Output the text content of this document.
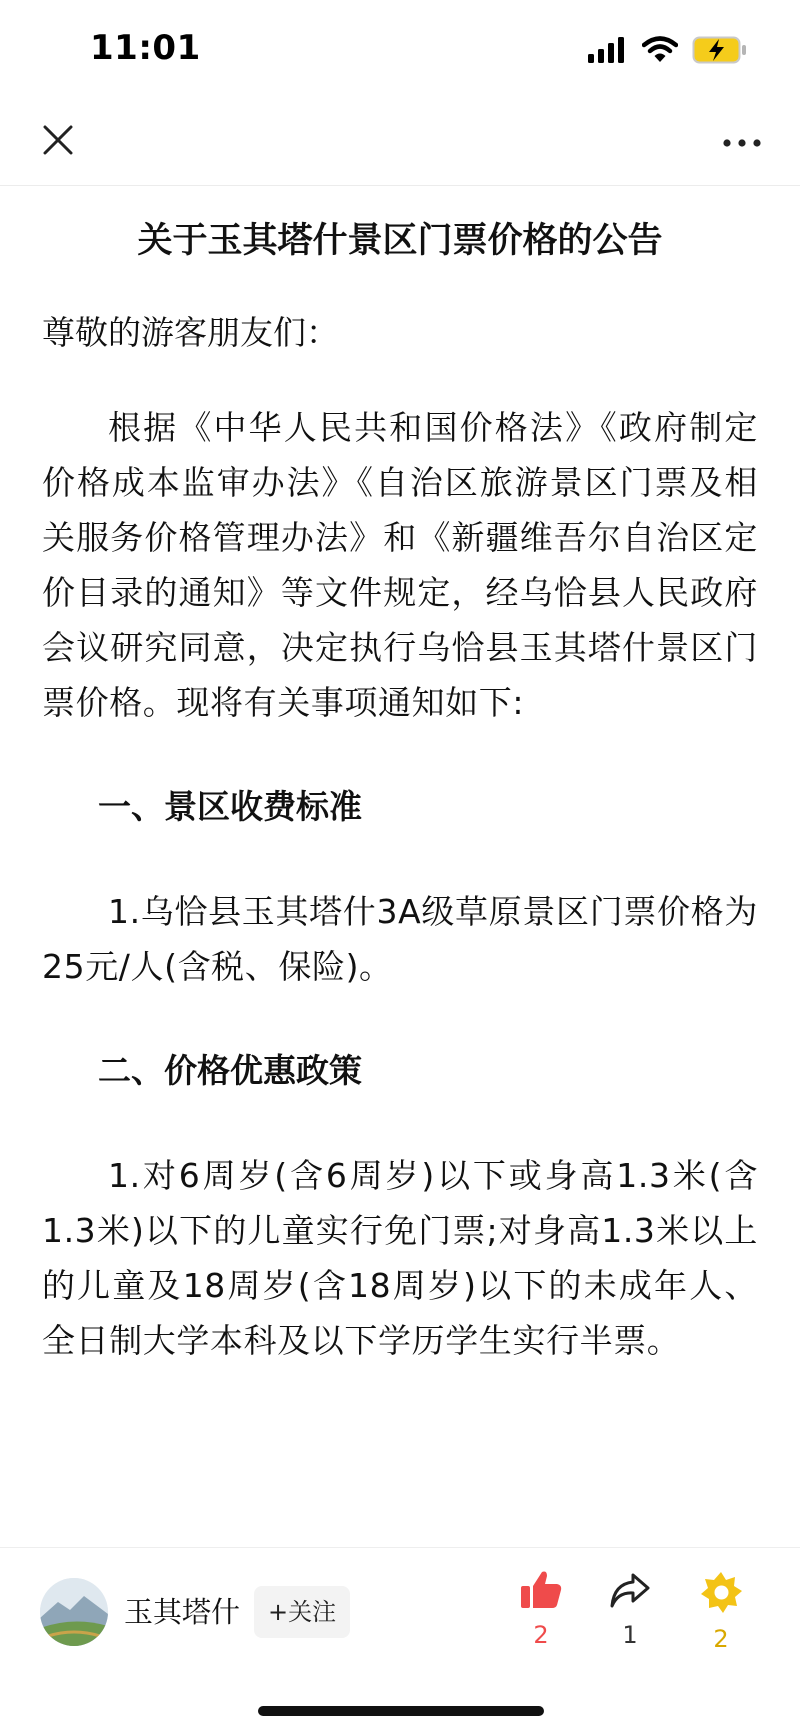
11:01
关于玉其塔什景区门票价格的公告

尊敬的游客朋友们：

根据《中华人民共和国价格法》《政府制定价格成本监审办法》《自治区旅游景区门票及相关服务价格管理办法》和《新疆维吾尔自治区定价目录的通知》等文件规定，经乌恰县人民政府会议研究同意，决定执行乌恰县玉其塔什景区门票价格。现将有关事项通知如下:

一、景区收费标准

1.乌恰县玉其塔什3A级草原景区门票价格为25元/人(含税、保险)。

二、价格优惠政策

1.对6周岁(含6周岁)以下或身高1.3米(含1.3米)以下的儿童实行免门票;对身高1.3米以上的儿童及18周岁(含18周岁)以下的未成年人、全日制大学本科及以下学历学生实行半票。

玉其塔什	+关注
2	1	2
